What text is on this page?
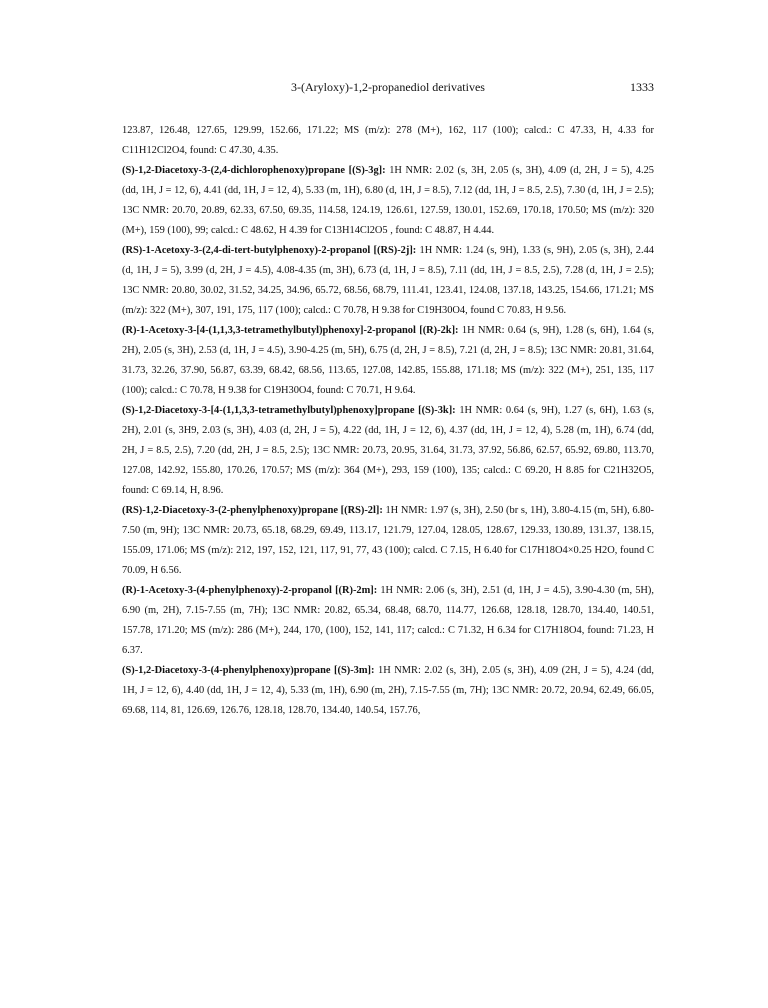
3-(Aryloxy)-1,2-propanediol derivatives	1333

123.87, 126.48, 127.65, 129.99, 152.66, 171.22; MS (m/z): 278 (M+), 162, 117 (100); calcd.: C 47.33, H, 4.33 for C11H12Cl2O4, found: C 47.30, 4.35.

(S)-1,2-Diacetoxy-3-(2,4-dichlorophenoxy)propane [(S)-3g]: 1H NMR: 2.02 (s, 3H, 2.05 (s, 3H), 4.09 (d, 2H, J = 5), 4.25 (dd, 1H, J = 12, 6), 4.41 (dd, 1H, J = 12, 4), 5.33 (m, 1H), 6.80 (d, 1H, J = 8.5), 7.12 (dd, 1H, J = 8.5, 2.5), 7.30 (d, 1H, J = 2.5); 13C NMR: 20.70, 20.89, 62.33, 67.50, 69.35, 114.58, 124.19, 126.61, 127.59, 130.01, 152.69, 170.18, 170.50; MS (m/z): 320 (M+), 159 (100), 99; calcd.: C 48.62, H 4.39 for C13H14Cl2O5 , found: C 48.87, H 4.44.

(RS)-1-Acetoxy-3-(2,4-di-tert-butylphenoxy)-2-propanol [(RS)-2j]: 1H NMR: 1.24 (s, 9H), 1.33 (s, 9H), 2.05 (s, 3H), 2.44 (d, 1H, J = 5), 3.99 (d, 2H, J = 4.5), 4.08-4.35 (m, 3H), 6.73 (d, 1H, J = 8.5), 7.11 (dd, 1H, J = 8.5, 2.5), 7.28 (d, 1H, J = 2.5); 13C NMR: 20.80, 30.02, 31.52, 34.25, 34.96, 65.72, 68.56, 68.79, 111.41, 123.41, 124.08, 137.18, 143.25, 154.66, 171.21; MS (m/z): 322 (M+), 307, 191, 175, 117 (100); calcd.: C 70.78, H 9.38 for C19H30O4, found C 70.83, H 9.56.

(R)-1-Acetoxy-3-[4-(1,1,3,3-tetramethylbutyl)phenoxy]-2-propanol [(R)-2k]: 1H NMR: 0.64 (s, 9H), 1.28 (s, 6H), 1.64 (s, 2H), 2.05 (s, 3H), 2.53 (d, 1H, J = 4.5), 3.90-4.25 (m, 5H), 6.75 (d, 2H, J = 8.5), 7.21 (d, 2H, J = 8.5); 13C NMR: 20.81, 31.64, 31.73, 32.26, 37.90, 56.87, 63.39, 68.42, 68.56, 113.65, 127.08, 142.85, 155.88, 171.18; MS (m/z): 322 (M+), 251, 135, 117 (100); calcd.: C 70.78, H 9.38 for C19H30O4, found: C 70.71, H 9.64.

(S)-1,2-Diacetoxy-3-[4-(1,1,3,3-tetramethylbutyl)phenoxy]propane [(S)-3k]: 1H NMR: 0.64 (s, 9H), 1.27 (s, 6H), 1.63 (s, 2H), 2.01 (s, 3H9, 2.03 (s, 3H), 4.03 (d, 2H, J = 5), 4.22 (dd, 1H, J = 12, 6), 4.37 (dd, 1H, J = 12, 4), 5.28 (m, 1H), 6.74 (dd, 2H, J = 8.5, 2.5), 7.20 (dd, 2H, J = 8.5, 2.5); 13C NMR: 20.73, 20.95, 31.64, 31.73, 37.92, 56.86, 62.57, 65.92, 69.80, 113.70, 127.08, 142.92, 155.80, 170.26, 170.57; MS (m/z): 364 (M+), 293, 159 (100), 135; calcd.: C 69.20, H 8.85 for C21H32O5, found: C 69.14, H, 8.96.

(RS)-1,2-Diacetoxy-3-(2-phenylphenoxy)propane [(RS)-2l]: 1H NMR: 1.97 (s, 3H), 2.50 (br s, 1H), 3.80-4.15 (m, 5H), 6.80-7.50 (m, 9H); 13C NMR: 20.73, 65.18, 68.29, 69.49, 113.17, 121.79, 127.04, 128.05, 128.67, 129.33, 130.89, 131.37, 138.15, 155.09, 171.06; MS (m/z): 212, 197, 152, 121, 117, 91, 77, 43 (100); calcd. C 7.15, H 6.40 for C17H18O4×0.25 H2O, found C 70.09, H 6.56.

(R)-1-Acetoxy-3-(4-phenylphenoxy)-2-propanol [(R)-2m]: 1H NMR: 2.06 (s, 3H), 2.51 (d, 1H, J = 4.5), 3.90-4.30 (m, 5H), 6.90 (m, 2H), 7.15-7.55 (m, 7H); 13C NMR: 20.82, 65.34, 68.48, 68.70, 114.77, 126.68, 128.18, 128.70, 134.40, 140.51, 157.78, 171.20; MS (m/z): 286 (M+), 244, 170, (100), 152, 141, 117; calcd.: C 71.32, H 6.34 for C17H18O4, found: 71.23, H 6.37.

(S)-1,2-Diacetoxy-3-(4-phenylphenoxy)propane [(S)-3m]: 1H NMR: 2.02 (s, 3H), 2.05 (s, 3H), 4.09 (2H, J = 5), 4.24 (dd, 1H, J = 12, 6), 4.40 (dd, 1H, J = 12, 4), 5.33 (m, 1H), 6.90 (m, 2H), 7.15-7.55 (m, 7H); 13C NMR: 20.72, 20.94, 62.49, 66.05, 69.68, 114, 81, 126.69, 126.76, 128.18, 128.70, 134.40, 140.54, 157.76,
